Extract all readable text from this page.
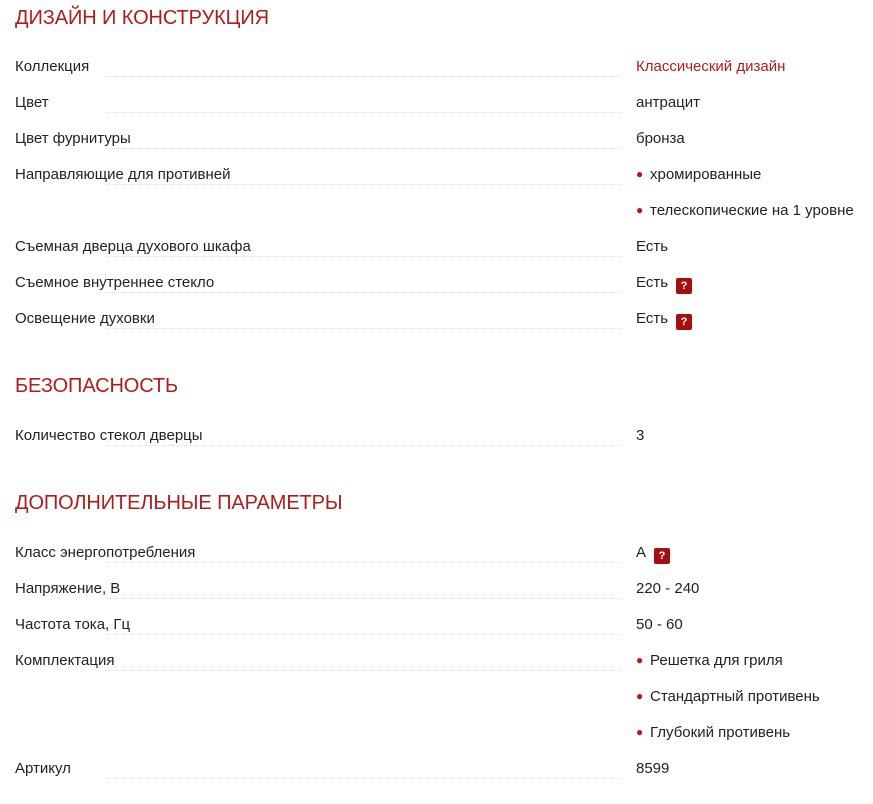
ДИЗАЙН И КОНСТРУКЦИЯ
Коллекция	Классический дизайн
Цвет	антрацит
Цвет фурнитуры	бронза
Направляющие для противней	● хромированные
● телескопические на 1 уровне
Съемная дверца духового шкафа	Есть
Съемное внутреннее стекло	Есть ?
Освещение духовки	Есть ?
БЕЗОПАСНОСТЬ
Количество стекол дверцы	3
ДОПОЛНИТЕЛЬНЫЕ ПАРАМЕТРЫ
Класс энергопотребления	A ?
Напряжение, В	220 - 240
Частота тока, Гц	50 - 60
Комплектация	● Решетка для гриля
● Стандартный противень
● Глубокий противень
Артикул	8599
